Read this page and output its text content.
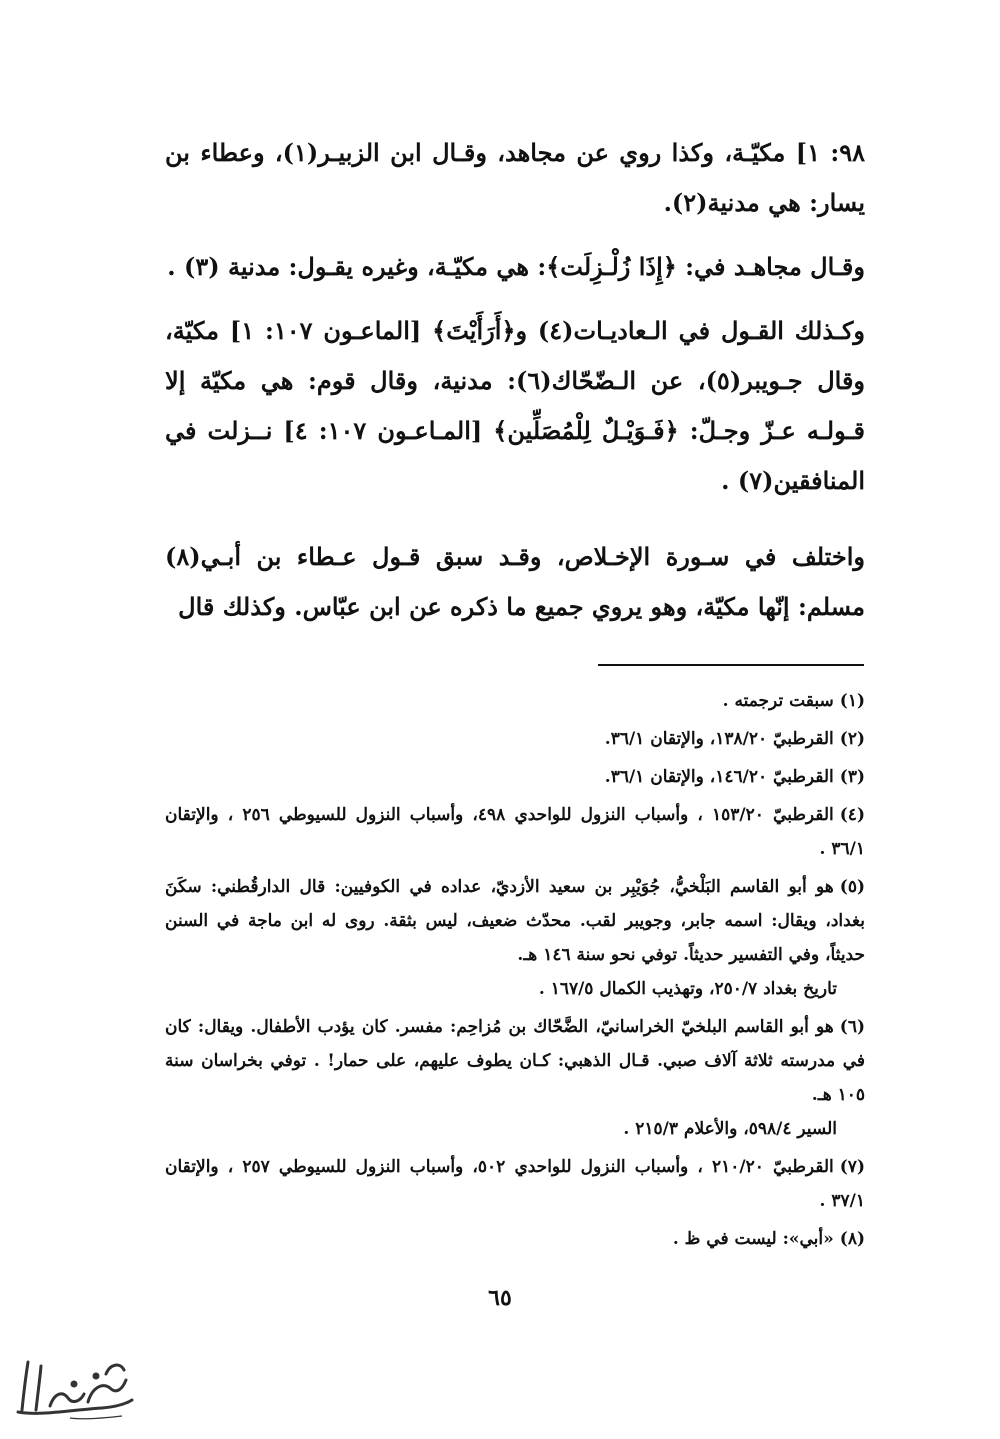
٩٨: ١] مكيّـة، وكذا روي عن مجاهد، وقـال ابن الزبيـر(١)، وعطاء بن يسار: هي مدنية(٢).

وقـال مجاهـد في: ﴿إِذَا زُلْـزِلَت﴾: هي مكيّـة، وغيره يقـول: مدنية (٣) .

وكـذلك القـول في الـعاديـات(٤) و﴿أَرَأَيْتَ﴾ [الماعـون ١٠٧: ١] مكيّة، وقال جـويبر(٥)، عن الـضّحّاك(٦): مدنية، وقال قوم: هي مكيّة إلا قـولـه عـزّ وجـلّ: ﴿فَـوَيْـلٌ لِلْمُصَلِّين﴾ [المـاعـون ١٠٧: ٤] نــزلت في المنافقين(٧) .

واختلف في سـورة الإخـلاص، وقـد سبق قـول عـطاء بن أبـي(٨) مسلم: إنّها مكيّة، وهو يروي جميع ما ذكره عن ابن عبّاس. وكذلك قال

(١)سبقت ترجمته .
(٢)القرطبيّ ١٣٨/٢٠، والإتقان ٣٦/١.
(٣)القرطبيّ ١٤٦/٢٠، والإتقان ٣٦/١.
(٤)القرطبيّ ١٥٣/٢٠ ، وأسباب النزول للواحدي ٤٩٨، وأسباب النزول للسيوطي ٢٥٦ ، والإتقان ٣٦/١ .
(٥)هو أبو القاسم البَلْخيُّ، جُوَيْبِر بن سعيد الأزديّ، عداده في الكوفيين: قال الدارقُطني: سكَنَ بغداد، ويقال: اسمه جابر، وجويبر لقب. محدّث ضعيف، ليس بثقة. روى له ابن ماجة في السنن حديثاً، وفي التفسير حديثاً. توفي نحو سنة ١٤٦ هـ.
تاريخ بغداد ٢٥٠/٧، وتهذيب الكمال ١٦٧/٥ .
(٦)هو أبو القاسم البلخيّ الخراسانيّ، الضَّحّاك بن مُزاحِم: مفسر. كان يؤدب الأطفال. ويقال: كان في مدرسته ثلاثة آلاف صبي. قـال الذهبي: كـان يطوف عليهم، على حمار! . توفي بخراسان سنة ١٠٥ هـ.
السير ٥٩٨/٤، والأعلام ٢١٥/٣ .
(٧)القرطبيّ ٢١٠/٢٠ ، وأسباب النزول للواحدي ٥٠٢، وأسباب النزول للسيوطي ٢٥٧ ، والإتقان ٣٧/١ .
(٨)«أبي»: ليست في ظ .
٦٥
